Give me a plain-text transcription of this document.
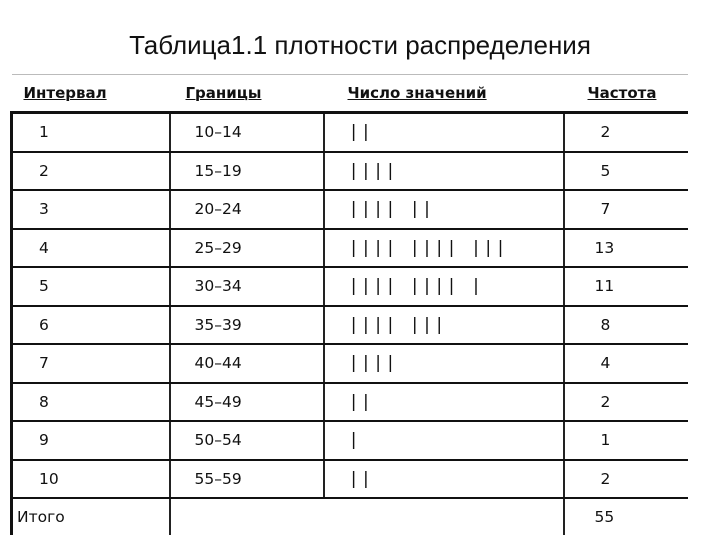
Таблица1.1 плотности распределения
Интервал	Границы	Число значений	Частота
1	10–14	||	2
2	15–19	||||	5
3	20–24	|||| ||	7
4	25–29	|||| |||| |||	13
5	30–34	|||| |||| |	11
6	35–39	|||| |||	8
7	40–44	||||	4
8	45–49	||	2
9	50–54	|	1
10	55–59	||	2
Итого			55
